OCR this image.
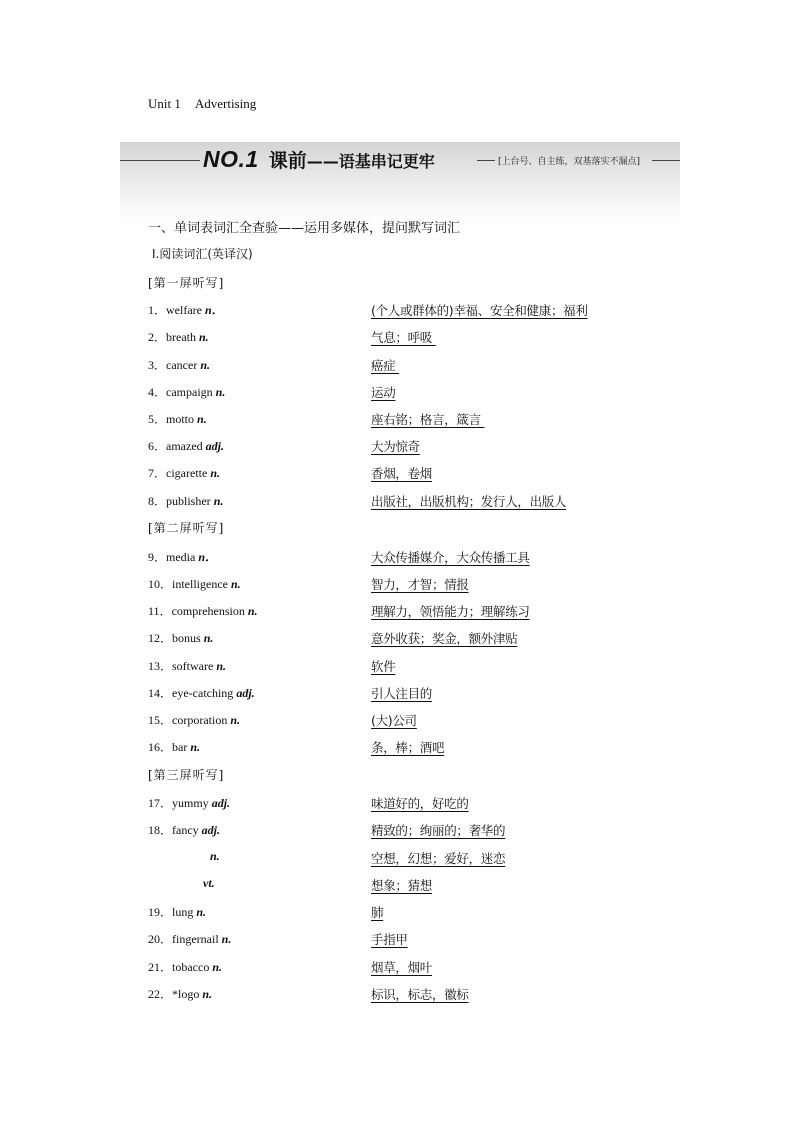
Unit 1 Advertising
NO.1 课前 ——语基串记更牢	[上台号、自主练，双基落实不漏点]
一、单词表词汇全查验——运用多媒体，提问默写词汇
Ⅰ.阅读词汇(英译汉)
[第一屏听写]
1．welfare n．	(个人或群体的)幸福、安全和健康；福利
2．breath n.	气息；呼吸
3．cancer n.	癌症
4．campaign n.	运动
5．motto n.	座右铭；格言，箴言
6．amazed adj.	大为惊奇
7．cigarette n.	香烟，卷烟
8．publisher n.	出版社，出版机构；发行人，出版人
[第二屏听写]
9．media n．	大众传播媒介，大众传播工具
10．intelligence n.	智力，才智；情报
11．comprehension n.	理解力，领悟能力；理解练习
12．bonus n.	意外收获；奖金，额外津贴
13．software n.	软件
14．eye-catching adj.	引人注目的
15．corporation n.	(大)公司
16．bar n.	条，棒；酒吧
[第三屏听写]
17．yummy adj.	味道好的，好吃的
18．fancy adj.	精致的；绚丽的；奢华的
n.	空想，幻想；爱好，迷恋
vt.	想象；猜想
19．lung n.	肺
20．fingernail n.	手指甲
21．tobacco n.	烟草，烟叶
22．*logo n.	标识，标志，徽标
